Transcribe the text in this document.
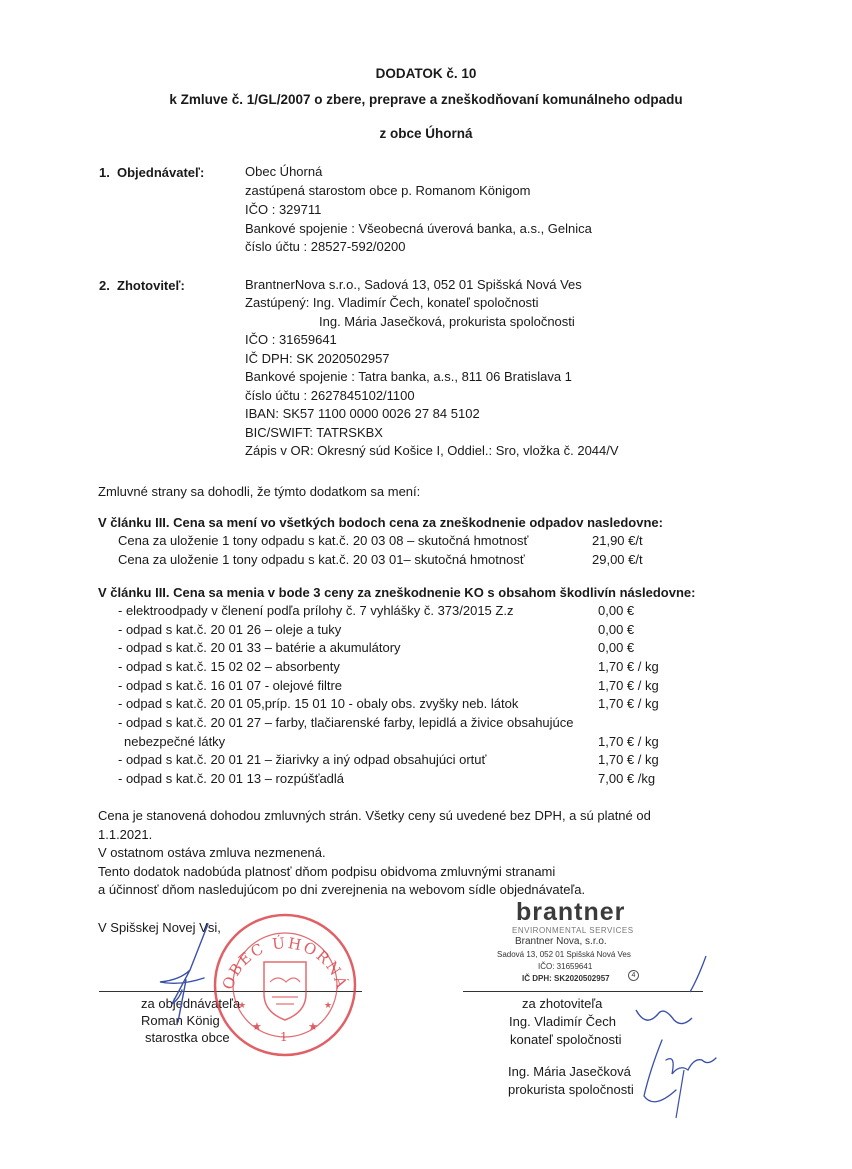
DODATOK č. 10
k Zmluve č. 1/GL/2007 o zbere, preprave a zneškodňovaní komunálneho odpadu
z obce Úhorná
1. Objednávateľ:	Obec Úhorná
zastúpená starostom obce p. Romanom Königom
IČO : 329711
Bankové spojenie : Všeobecná úverová banka, a.s., Gelnica
číslo účtu : 28527-592/0200
2. Zhotoviteľ:	BrantnerNova s.r.o., Sadová 13, 052 01 Spišská Nová Ves
Zastúpený: Ing. Vladimír Čech, konateľ spoločnosti
Ing. Mária Jasečková, prokurista spoločnosti
IČO : 31659641
IČ DPH: SK 2020502957
Bankové spojenie : Tatra banka, a.s., 811 06 Bratislava 1
číslo účtu : 2627845102/1100
IBAN: SK57 1100 0000 0026 27 84 5102
BIC/SWIFT: TATRSKBX
Zápis v OR: Okresný súd Košice I, Oddiel.: Sro, vložka č. 2044/V
Zmluvné strany sa dohodli, že týmto dodatkom sa mení:
V článku III. Cena sa mení vo všetkých bodoch cena za zneškodnenie odpadov nasledovne:
Cena za uloženie 1 tony odpadu s kat.č. 20 03 08 – skutočná hmotnosť	21,90 €/t
Cena za uloženie 1 tony odpadu s kat.č. 20 03 01– skutočná hmotnosť	29,00 €/t
V článku III. Cena sa menia v bode 3 ceny za zneškodnenie KO s obsahom škodlivín následovne:
- elektroodpady v členení podľa prílohy č. 7 vyhlášky č. 373/2015 Z.z	0,00 €
- odpad s kat.č. 20 01 26 – oleje a tuky	0,00 €
- odpad s kat.č. 20 01 33 – batérie a akumulátory	0,00 €
- odpad s kat.č. 15 02 02 – absorbenty	1,70 € / kg
- odpad s kat.č. 16 01 07 - olejové filtre	1,70 € / kg
- odpad s kat.č. 20 01 05,príp. 15 01 10 - obaly obs. zvyšky neb. látok	1,70 € / kg
- odpad s kat.č. 20 01 27 – farby, tlačiarenské farby, lepidlá a živice obsahujúce
nebezpečné látky	1,70 € / kg
- odpad s kat.č. 20 01 21 – žiarivky a iný odpad obsahujúci ortuť	1,70 € / kg
- odpad s kat.č. 20 01 13 – rozpúšťadlá	7,00 € /kg
Cena je stanovená dohodou zmluvných strán. Všetky ceny sú uvedené bez DPH, a sú platné od
1.1.2021.
V ostatnom ostáva zmluva nezmenená.
Tento dodatok nadobúda platnosť dňom podpisu obidvoma zmluvnými stranami
a účinnosť dňom nasledujúcom po dni zverejnenia na webovom sídle objednávateľa.
V Spišskej Novej Vsi,
za objednávateľa
Roman König
starostka obce
za zhotoviteľa
Ing. Vladimír Čech
konateľ spoločnosti
Ing. Mária Jasečková
prokurista spoločnosti
brantner
ENVIRONMENTAL SERVICES
Brantner Nova, s.r.o.
Sadová 13, 052 01 Spišská Nová Ves
IČO: 31659641
IČ DPH: SK2020502957	4
OBEC ÚHORNÁ
★	★
★	★
1
